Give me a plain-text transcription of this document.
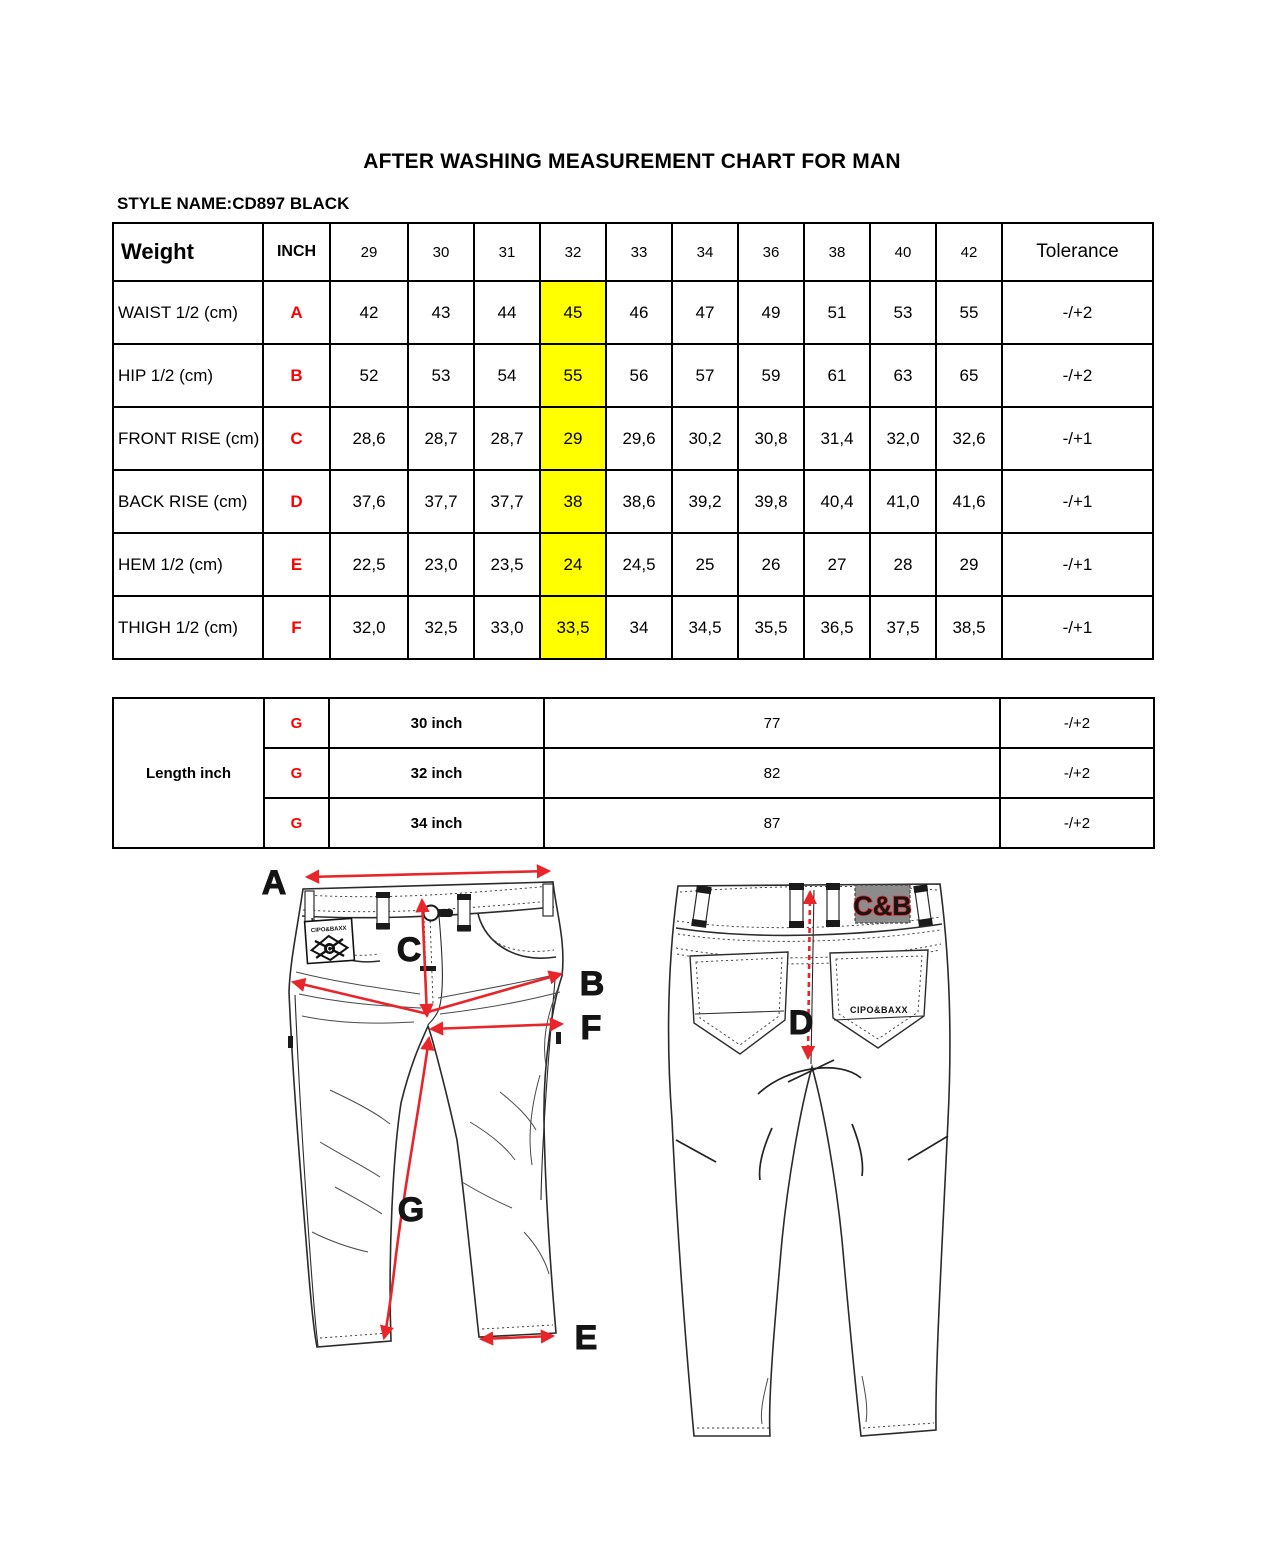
AFTER WASHING MEASUREMENT CHART FOR MAN
STYLE NAME:CD897 BLACK
Weight	INCH	29	30	31	32	33	34	36	38	40	42	Tolerance
WAIST 1/2 (cm)	A	42	43	44	45	46	47	49	51	53	55	-/+2
HIP 1/2 (cm)	B	52	53	54	55	56	57	59	61	63	65	-/+2
FRONT RISE (cm)	C	28,6	28,7	28,7	29	29,6	30,2	30,8	31,4	32,0	32,6	-/+1
BACK RISE (cm)	D	37,6	37,7	37,7	38	38,6	39,2	39,8	40,4	41,0	41,6	-/+1
HEM 1/2 (cm)	E	22,5	23,0	23,5	24	24,5	25	26	27	28	29	-/+1
THIGH 1/2 (cm)	F	32,0	32,5	33,0	33,5	34	34,5	35,5	36,5	37,5	38,5	-/+1
Length inch	G	30 inch	77	-/+2
	G	32 inch	82	-/+2
	G	34 inch	87	-/+2
CIPO&BAXX
C
A
C
B
F
G
E
C&B
CIPO&BAXX
D
